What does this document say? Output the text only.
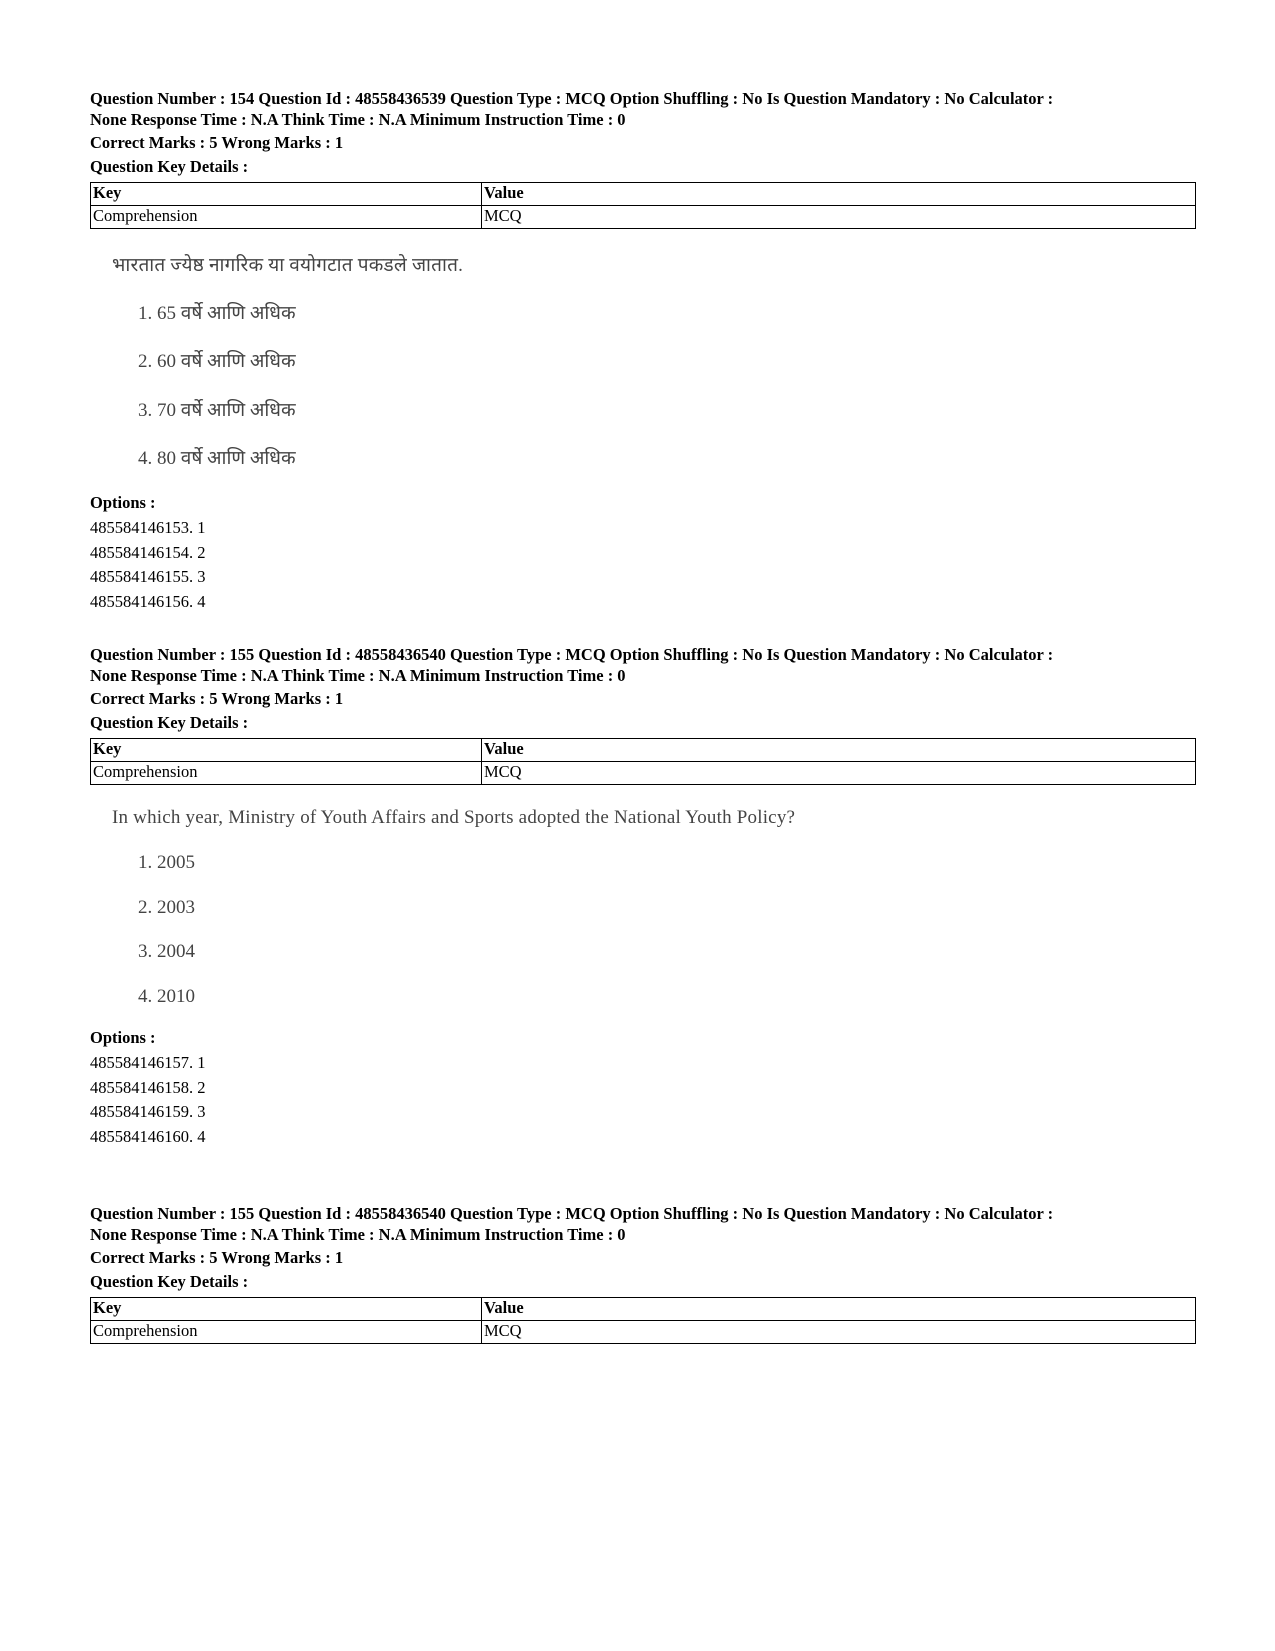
Question Number : 154 Question Id : 48558436539 Question Type : MCQ Option Shuffling : No Is Question Mandatory : No Calculator :
None Response Time : N.A Think Time : N.A Minimum Instruction Time : 0
Correct Marks : 5 Wrong Marks : 1
Question Key Details :
Key	Value
Comprehension	MCQ
भारतात ज्येष्ठ नागरिक या वयोगटात पकडले जातात.
1. 65 वर्षे आणि अधिक
2. 60 वर्षे आणि अधिक
3. 70 वर्षे आणि अधिक
4. 80 वर्षे आणि अधिक
Options :
485584146153. 1
485584146154. 2
485584146155. 3
485584146156. 4
Question Number : 155 Question Id : 48558436540 Question Type : MCQ Option Shuffling : No Is Question Mandatory : No Calculator :
None Response Time : N.A Think Time : N.A Minimum Instruction Time : 0
Correct Marks : 5 Wrong Marks : 1
Question Key Details :
Key	Value
Comprehension	MCQ
In which year, Ministry of Youth Affairs and Sports adopted the National Youth Policy?
1. 2005
2. 2003
3. 2004
4. 2010
Options :
485584146157. 1
485584146158. 2
485584146159. 3
485584146160. 4
Question Number : 155 Question Id : 48558436540 Question Type : MCQ Option Shuffling : No Is Question Mandatory : No Calculator :
None Response Time : N.A Think Time : N.A Minimum Instruction Time : 0
Correct Marks : 5 Wrong Marks : 1
Question Key Details :
Key	Value
Comprehension	MCQ
